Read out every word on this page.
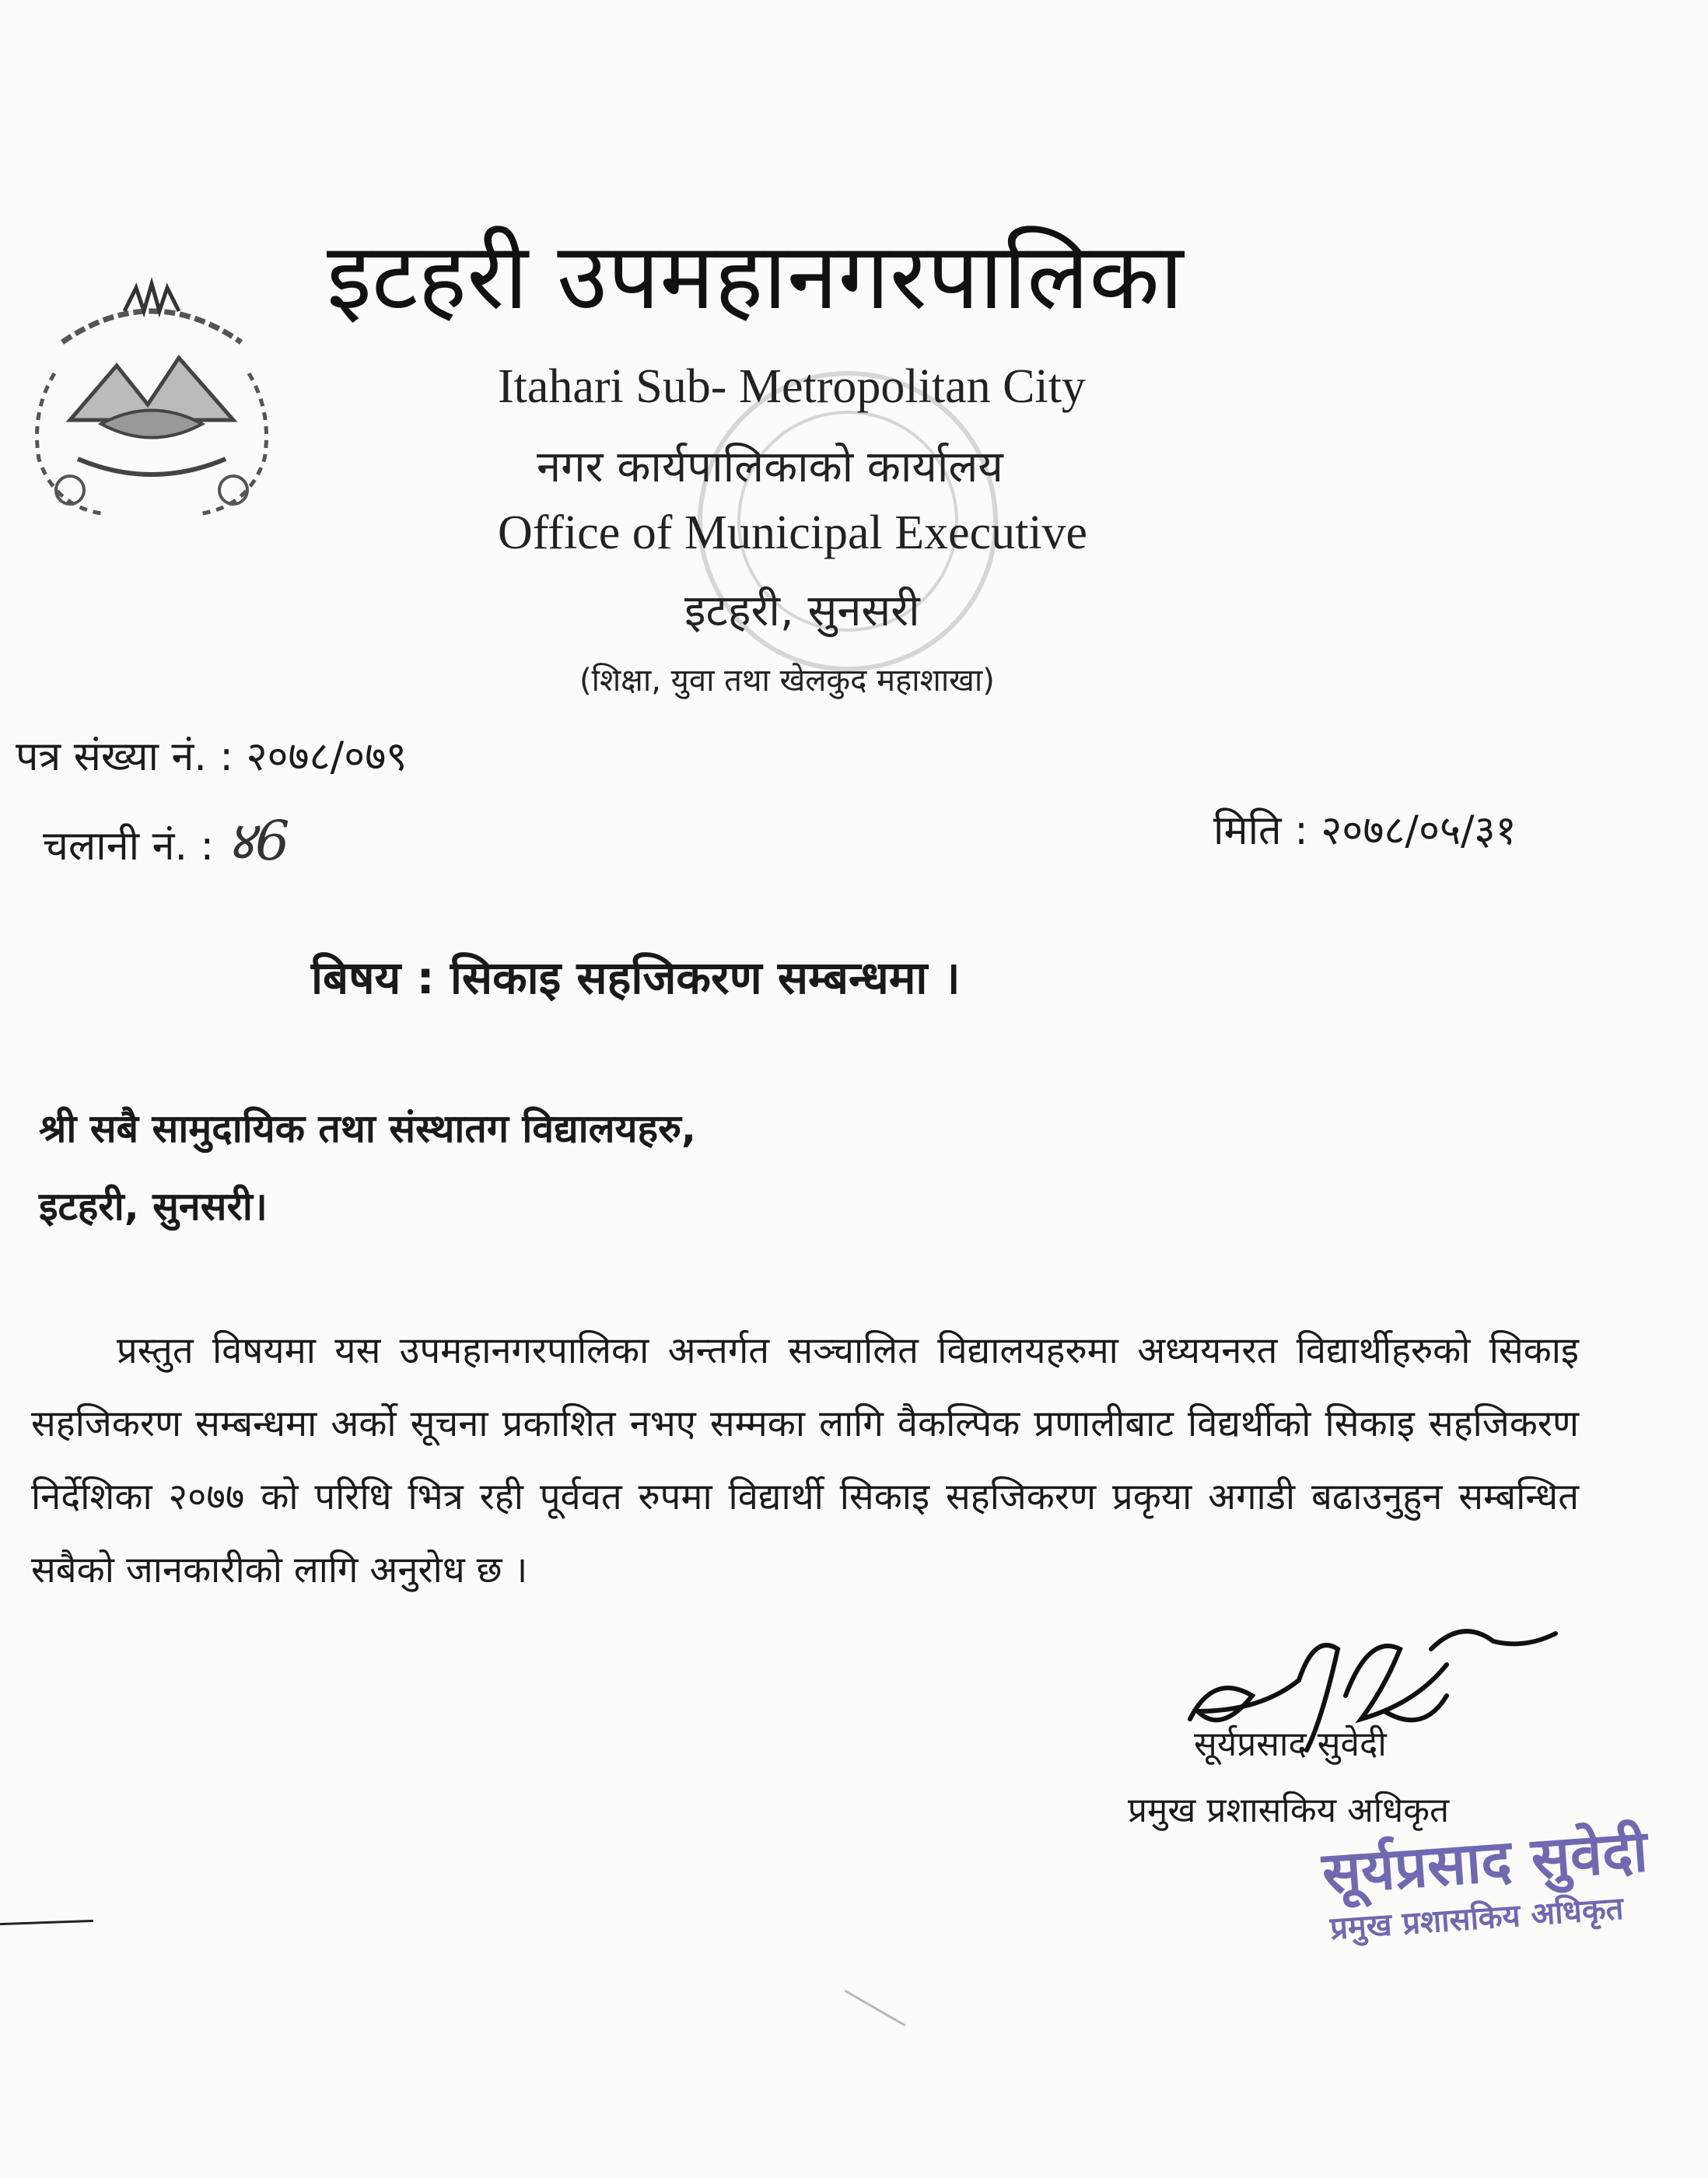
इटहरी उपमहानगरपालिका
Itahari Sub- Metropolitan City
नगर कार्यपालिकाको कार्यालय
Office of Municipal Executive
इटहरी, सुनसरी
(शिक्षा, युवा तथा खेलकुद महाशाखा)
पत्र संख्या नं. : २०७८/०७९
चलानी नं. : ४6	मिति : २०७८/०५/३१
बिषय : सिकाइ सहजिकरण सम्बन्धमा ।
श्री सबै सामुदायिक तथा संस्थातग विद्यालयहरु,
इटहरी, सुनसरी।
प्रस्तुत विषयमा यस उपमहानगरपालिका अन्तर्गत सञ्चालित विद्यालयहरुमा अध्ययनरत विद्यार्थीहरुको सिकाइ सहजिकरण सम्बन्धमा अर्को सूचना प्रकाशित नभए सम्मका लागि वैकल्पिक प्रणालीबाट विद्यर्थीको सिकाइ सहजिकरण निर्देशिका २०७७ को परिधि भित्र रही पूर्ववत रुपमा विद्यार्थी सिकाइ सहजिकरण प्रकृया अगाडी बढाउनुहुन सम्बन्धित सबैको जानकारीको लागि अनुरोध छ ।
सूर्यप्रसाद सुवेदी
प्रमुख प्रशासकिय अधिकृत
सूर्यप्रसाद सुवेदी
प्रमुख प्रशासकिय अधिकृत
